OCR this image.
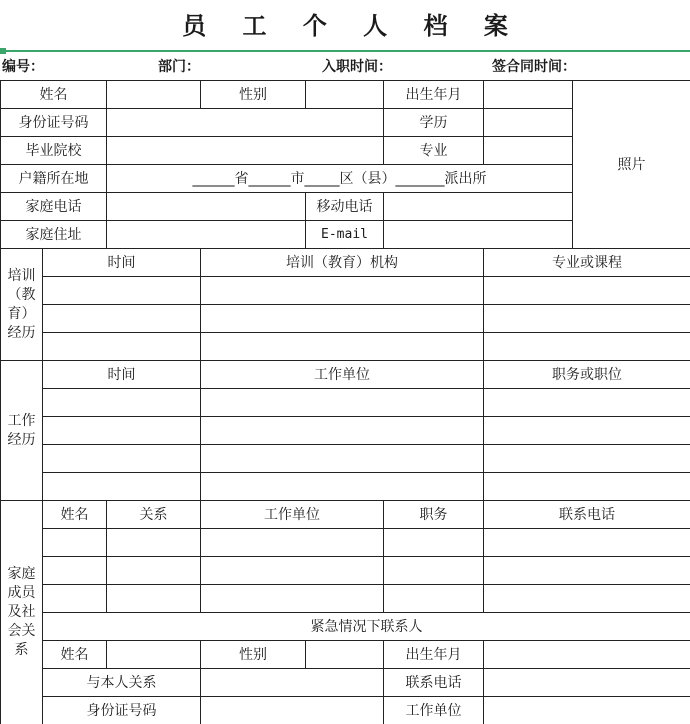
员 工 个 人 档 案
编号：	部门：	入职时间：	签合同时间：
姓名			性别		出生年月		照片
身份证号码					学历		
毕业院校					专业		
户籍所在地		______省______市_____区（县）_______派出所					
家庭电话				移动电话			
家庭住址				E-mail			
培训（教育）经历	时间		培训（教育）机构			专业或课程	

工作经历	时间		工作单位			职务或职位	

家庭成员及社会关系	姓名	关系	工作单位		职务	联系电话	

	紧急情况下联系人						
	姓名		性别		出生年月		
	与本人关系				联系电话		
	身份证号码				工作单位		
